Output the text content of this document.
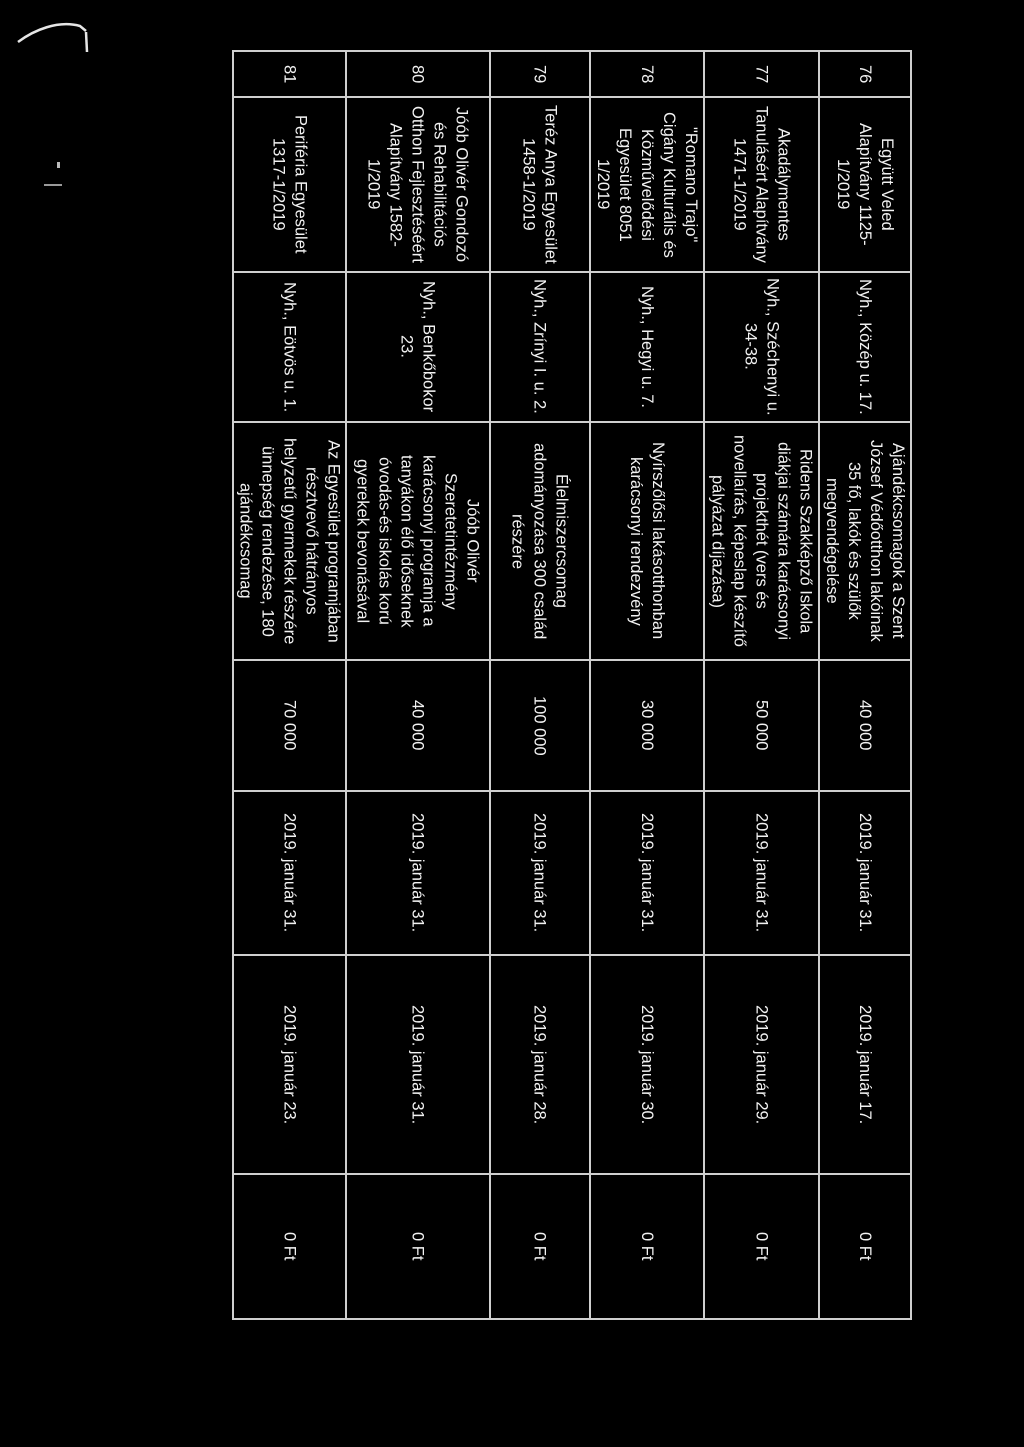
76
Együtt Veled
Alapítvány 1125-
1/2019
Nyh., Közép u. 17.
Ajándékcsomagok a Szent
József Védőotthon lakóinak
35 fő, lakók és szülők
megvendégelése
40 000
2019. január 31.
2019. január 17.
0 Ft
77
Akadálymentes
Tanulásért Alapítvány
1471-1/2019
Nyh., Széchenyi u.
34-38.
Ridens Szakképző Iskola
diákjai számára karácsonyi
projekthét (vers és
novellaírás, képeslap készítő
pályázat díjazása)
50 000
2019. január 31.
2019. január 29.
0 Ft
78
"Romano Trajo"
Cigány Kulturális és
Közművelődési
Egyesület 8051
1/2019
Nyh., Hegyi u. 7.
Nyírszőlősi lakásotthonban
karácsonyi rendezvény
30 000
2019. január 31.
2019. január 30.
0 Ft
79
Teréz Anya Egyesület
1458-1/2019
Nyh., Zrínyi I. u. 2.
Élelmiszercsomag
adományozása 300 család
részére
100 000
2019. január 31.
2019. január 28.
0 Ft
80
Jóób Olivér Gondozó
és Rehabilitációs
Otthon Fejlesztéséért
Alapítvány 1582-
1/2019
Nyh., Benkőbokor
23.
Jóób Olivér
Szeretetintézmény
karácsonyi programja a
tanyákon élő időseknek
óvodás-és iskolás korú
gyerekek bevonásával
40 000
2019. január 31.
2019. január 31.
0 Ft
81
Periféria Egyesület
1317-1/2019
Nyh., Eötvös u. 1.
Az Egyesület programjában
résztvevő hátrányos
helyzetű gyermekek részére
ünnepség rendezése, 180
ajándékcsomag
70 000
2019. január 31.
2019. január 23.
0 Ft
